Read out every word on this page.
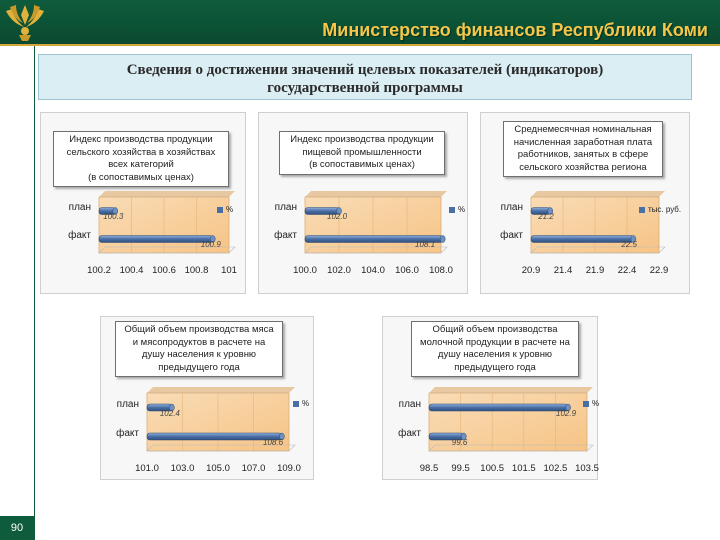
Министерство финансов Республики Коми
Сведения о достижении значений целевых показателей (индикаторов)
государственной программы
Индекс производства продукции
сельского хозяйства в хозяйствах
всех категорий
(в сопоставимых ценах)
%
план
100.3
факт
100.9
100.2 100.4 100.6 100.8 101
Индекс производства продукции
пищевой промышленности
(в сопоставимых ценах)
%
план
102.0
факт
108.1
100.0 102.0 104.0 106.0 108.0
Среднемесячная номинальная
начисленная заработная плата
работников, занятых в сфере
сельского хозяйства региона
тыс. руб.
план
21.2
факт
22.5
20.9 21.4 21.9 22.4 22.9
Общий объем производства мяса
и мясопродуктов в расчете на
душу населения к уровню
предыдущего года
%
план
102.4
факт
108.6
101.0 103.0 105.0 107.0 109.0
Общий объем производства
молочной продукции в расчете на
душу населения к уровню
предыдущего года
%
план
102.9
факт
99.6
98.5 99.5 100.5 101.5 102.5 103.5
90
